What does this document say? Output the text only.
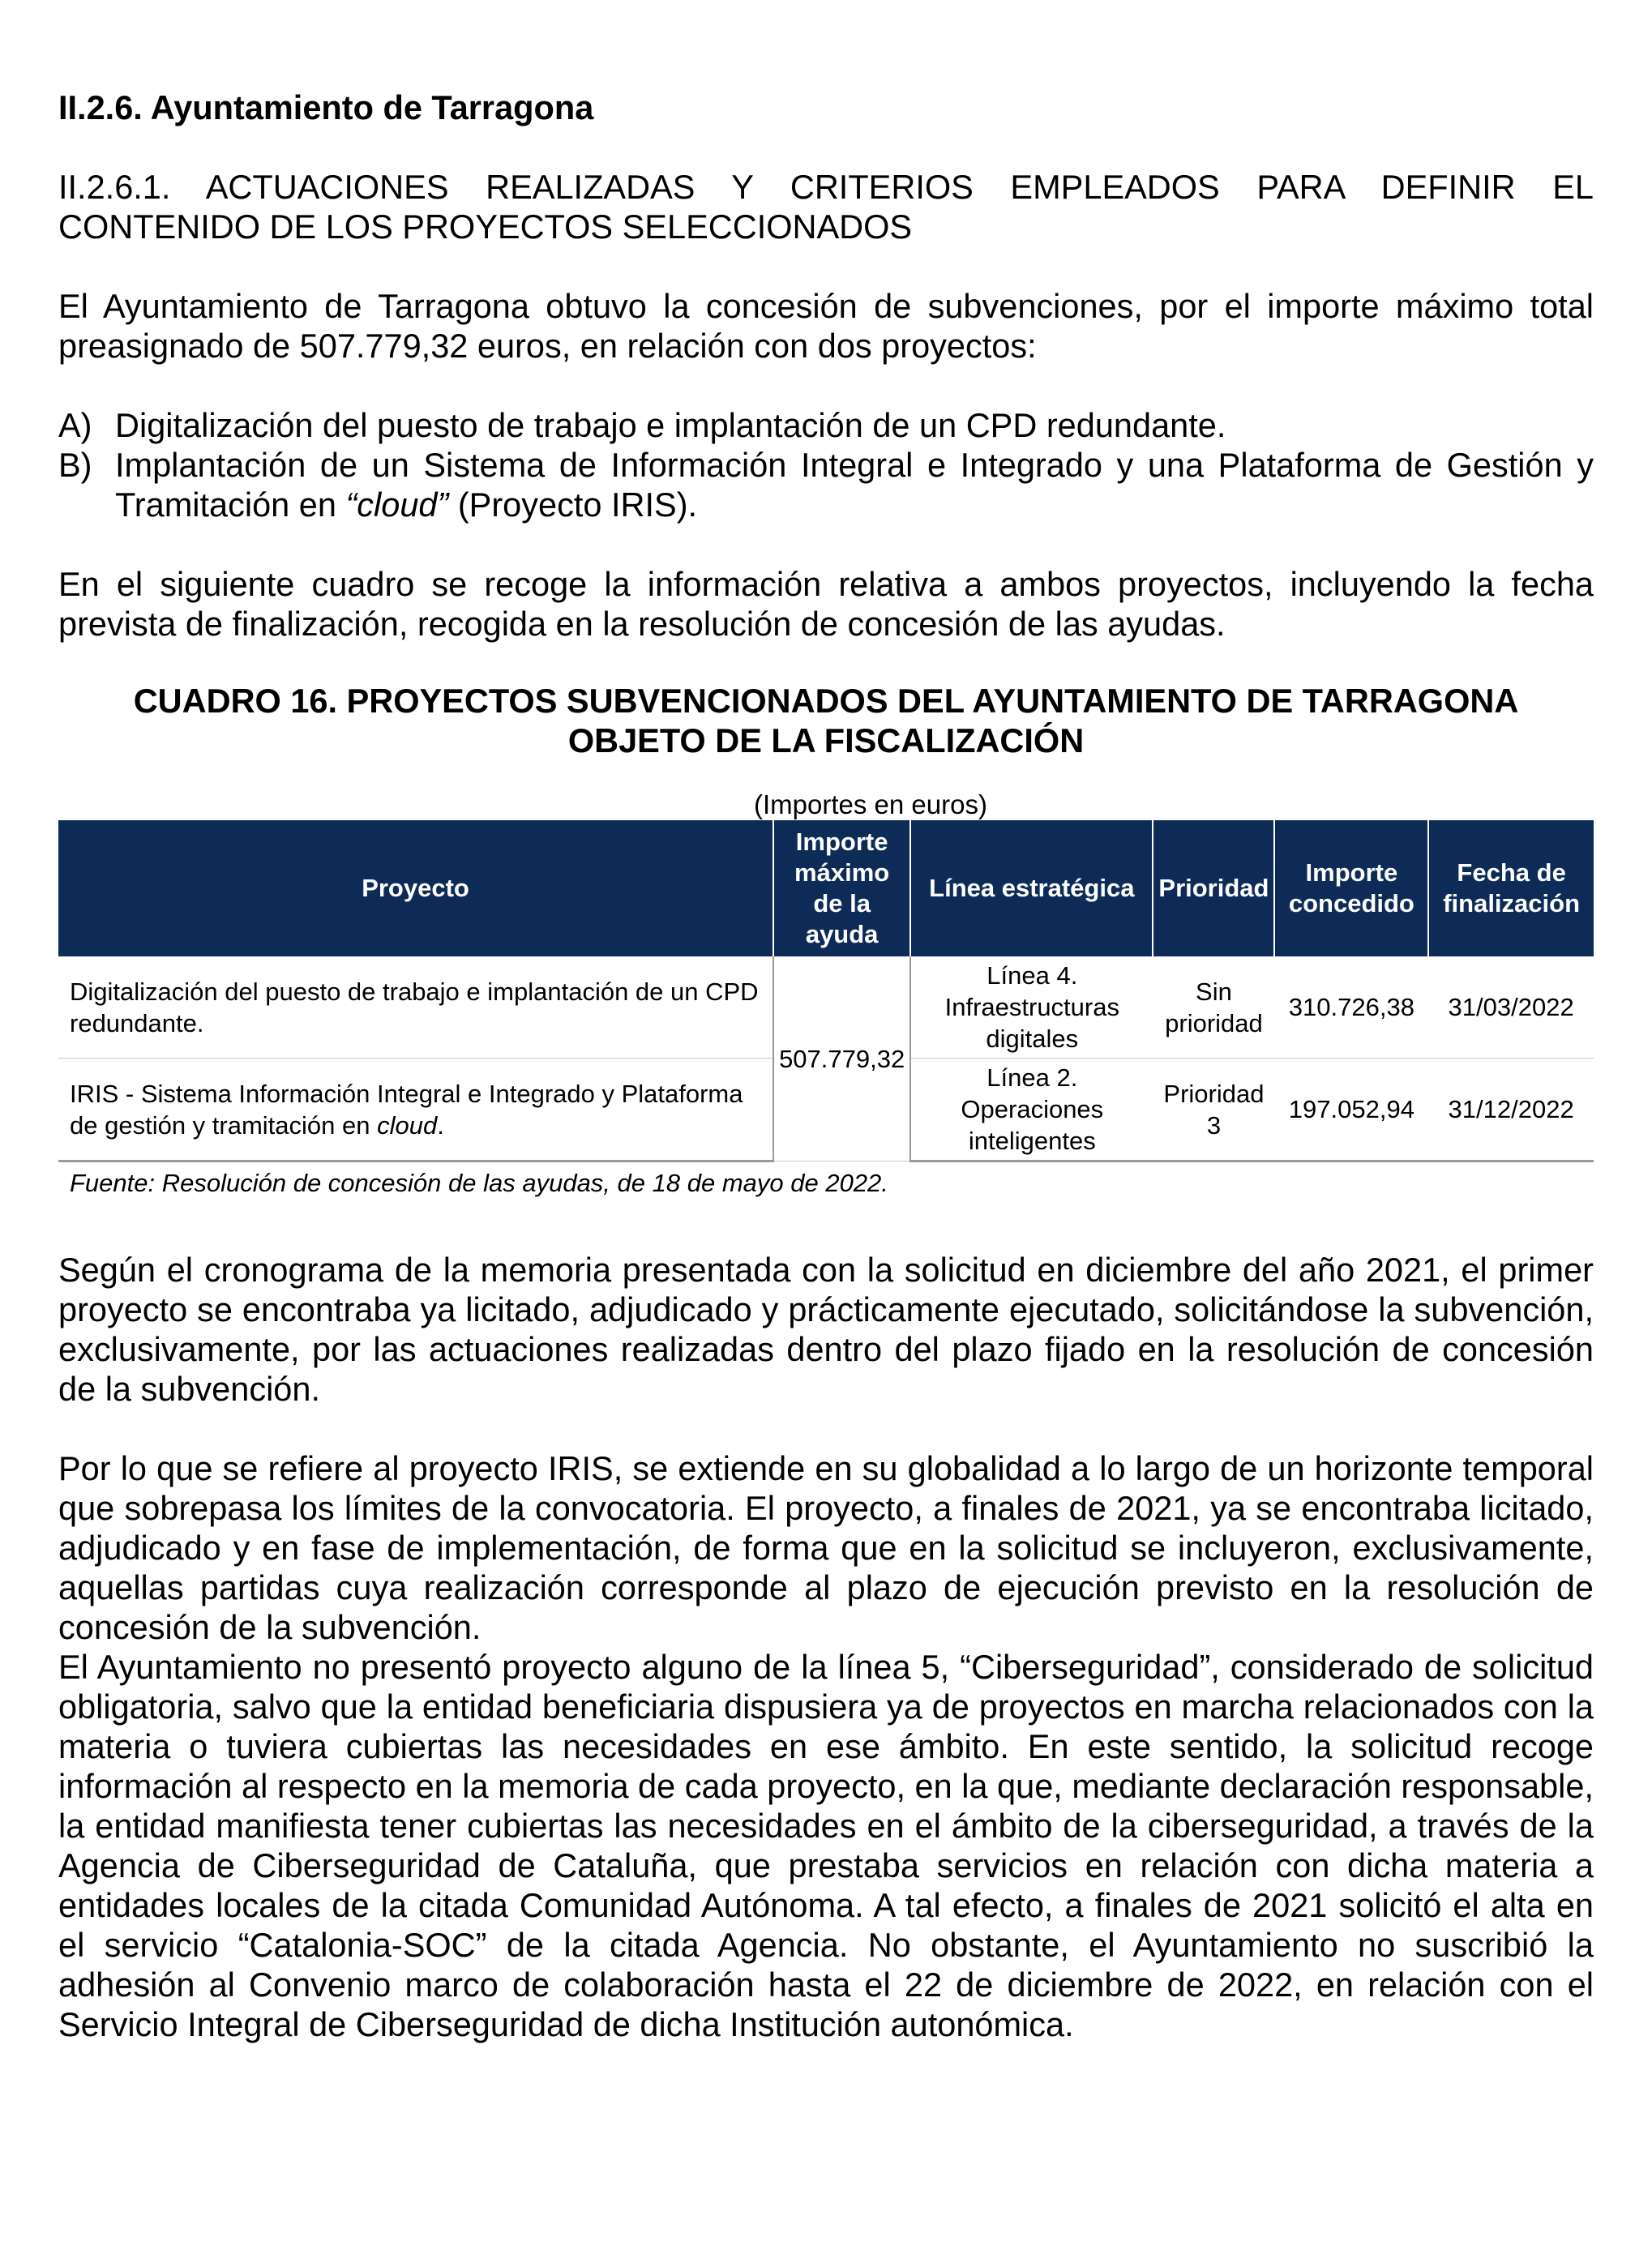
II.2.6. Ayuntamiento de Tarragona

II.2.6.1. ACTUACIONES REALIZADAS Y CRITERIOS EMPLEADOS PARA DEFINIR EL
CONTENIDO DE LOS PROYECTOS SELECCIONADOS

El Ayuntamiento de Tarragona obtuvo la concesión de subvenciones, por el importe máximo total preasignado de 507.779,32 euros, en relación con dos proyectos:

A) Digitalización del puesto de trabajo e implantación de un CPD redundante.
B) Implantación de un Sistema de Información Integral e Integrado y una Plataforma de Gestión y Tramitación en “cloud” (Proyecto IRIS).

En el siguiente cuadro se recoge la información relativa a ambos proyectos, incluyendo la fecha prevista de finalización, recogida en la resolución de concesión de las ayudas.

CUADRO 16. PROYECTOS SUBVENCIONADOS DEL AYUNTAMIENTO DE TARRAGONA

OBJETO DE LA FISCALIZACIÓN

(Importes en euros)

Proyecto	Importe máximo de la ayuda	Línea estratégica	Prioridad	Importe concedido	Fecha de finalización
Digitalización del puesto de trabajo e implantación de un CPD redundante.	507.779,32	Línea 4. Infraestructuras digitales	Sin prioridad	310.726,38	31/03/2022
IRIS - Sistema Información Integral e Integrado y Plataforma de gestión y tramitación en cloud.		Línea 2. Operaciones inteligentes	Prioridad 3	197.052,94	31/12/2022

Fuente: Resolución de concesión de las ayudas, de 18 de mayo de 2022.

Según el cronograma de la memoria presentada con la solicitud en diciembre del año 2021, el primer proyecto se encontraba ya licitado, adjudicado y prácticamente ejecutado, solicitándose la subvención, exclusivamente, por las actuaciones realizadas dentro del plazo fijado en la resolución de concesión de la subvención.

Por lo que se refiere al proyecto IRIS, se extiende en su globalidad a lo largo de un horizonte temporal que sobrepasa los límites de la convocatoria. El proyecto, a finales de 2021, ya se encontraba licitado, adjudicado y en fase de implementación, de forma que en la solicitud se incluyeron, exclusivamente, aquellas partidas cuya realización corresponde al plazo de ejecución previsto en la resolución de concesión de la subvención.

El Ayuntamiento no presentó proyecto alguno de la línea 5, “Ciberseguridad”, considerado de solicitud obligatoria, salvo que la entidad beneficiaria dispusiera ya de proyectos en marcha relacionados con la materia o tuviera cubiertas las necesidades en ese ámbito. En este sentido, la solicitud recoge información al respecto en la memoria de cada proyecto, en la que, mediante declaración responsable, la entidad manifiesta tener cubiertas las necesidades en el ámbito de la ciberseguridad, a través de la Agencia de Ciberseguridad de Cataluña, que prestaba servicios en relación con dicha materia a entidades locales de la citada Comunidad Autónoma. A tal efecto, a finales de 2021 solicitó el alta en el servicio “Catalonia-SOC” de la citada Agencia. No obstante, el Ayuntamiento no suscribió la adhesión al Convenio marco de colaboración hasta el 22 de diciembre de 2022, en relación con el Servicio Integral de Ciberseguridad de dicha Institución autonómica.
